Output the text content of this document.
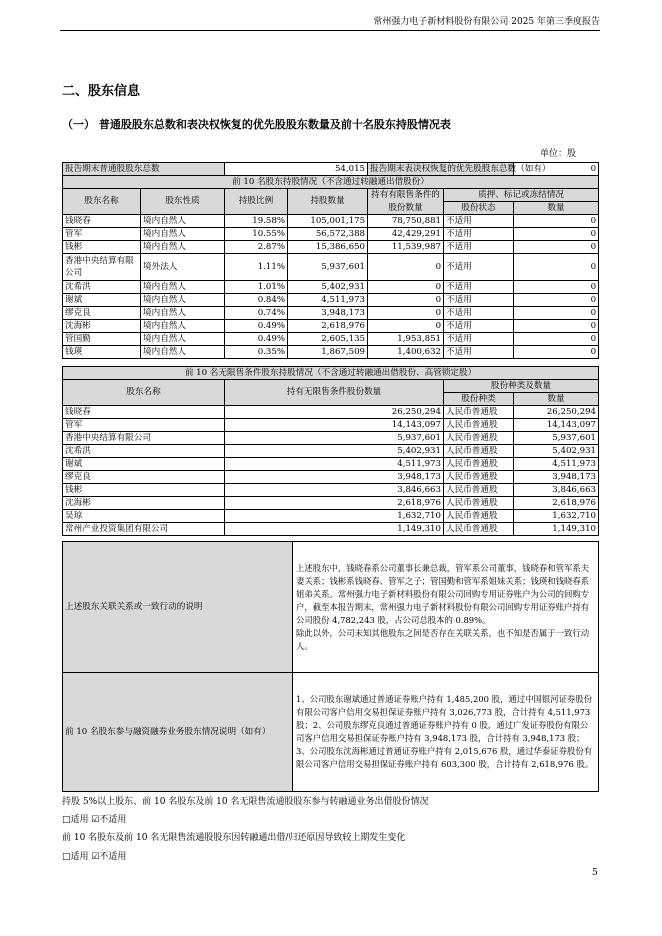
常州强力电子新材料股份有限公司 2025 年第三季度报告
二、股东信息
（一） 普通股股东总数和表决权恢复的优先股股东数量及前十名股东持股情况表
单位：股
报告期末普通股股东总数		54,015		报告期末表决权恢复的优先股股东总数（如有）		0
前 10 名股东持股情况（不含通过转融通出借股份）						
股东名称	股东性质	持股比例	持股数量	持有有限售条件的股份数量	质押、标记或冻结情况	
					股份状态	数量
钱晓春	境内自然人	19.58%	105,001,175	78,750,881	不适用	0
管军	境内自然人	10.55%	56,572,388	42,429,291	不适用	0
钱彬	境内自然人	2.87%	15,386,650	11,539,987	不适用	0
香港中央结算有限公司	境外法人	1.11%	5,937,601	0	不适用	0
沈希洪	境内自然人	1.01%	5,402,931	0	不适用	0
谢斌	境内自然人	0.84%	4,511,973	0	不适用	0
缪克良	境内自然人	0.74%	3,948,173	0	不适用	0
沈海彬	境内自然人	0.49%	2,618,976	0	不适用	0
管国勤	境内自然人	0.49%	2,605,135	1,953,851	不适用	0
钱瑛	境内自然人	0.35%	1,867,509	1,400,632	不适用	0
前 10 名无限售条件股东持股情况（不含通过转融通出借股份、高管锁定股）			
股东名称	持有无限售条件股份数量	股份种类及数量	
		股份种类	数量
钱晓春	26,250,294	人民币普通股	26,250,294
管军	14,143,097	人民币普通股	14,143,097
香港中央结算有限公司	5,937,601	人民币普通股	5,937,601
沈希洪	5,402,931	人民币普通股	5,402,931
谢斌	4,511,973	人民币普通股	4,511,973
缪克良	3,948,173	人民币普通股	3,948,173
钱彬	3,846,663	人民币普通股	3,846,663
沈海彬	2,618,976	人民币普通股	2,618,976
吴琼	1,632,710	人民币普通股	1,632,710
常州产业投资集团有限公司	1,149,310	人民币普通股	1,149,310
上述股东关联关系或一致行动的说明	上述股东中，钱晓春系公司董事长兼总裁，管军系公司董事，钱晓春和管军系夫妻关系；钱彬系钱晓春、管军之子；管国勤和管军系姐妹关系；钱瑛和钱晓春系姐弟关系。常州强力电子新材料股份有限公司回购专用证券账户为公司的回购专户，截至本报告期末，常州强力电子新材料股份有限公司回购专用证券账户持有公司股份 4,782,243 股，占公司总股本的 0.89%。
除此以外，公司未知其他股东之间是否存在关联关系，也不知是否属于一致行动人。

前 10 名股东参与融资融券业务股东情况说明（如有）	1、公司股东谢斌通过普通证券账户持有 1,485,200 股，通过中国银河证券股份有限公司客户信用交易担保证券账户持有 3,026,773 股，合计持有 4,511,973 股；2、公司股东缪克良通过普通证券账户持有 0 股，通过广发证券股份有限公司客户信用交易担保证券账户持有 3,948,173 股，合计持有 3,948,173 股；3、公司股东沈海彬通过普通证券账户持有 2,015,676 股，通过华泰证券股份有限公司客户信用交易担保证券账户持有 603,300 股，合计持有 2,618,976 股。
持股 5%以上股东、前 10 名股东及前 10 名无限售流通股股东参与转融通业务出借股份情况
□适用 ☑不适用
前 10 名股东及前 10 名无限售流通股股东因转融通出借/归还原因导致较上期发生变化
□适用 ☑不适用
5
